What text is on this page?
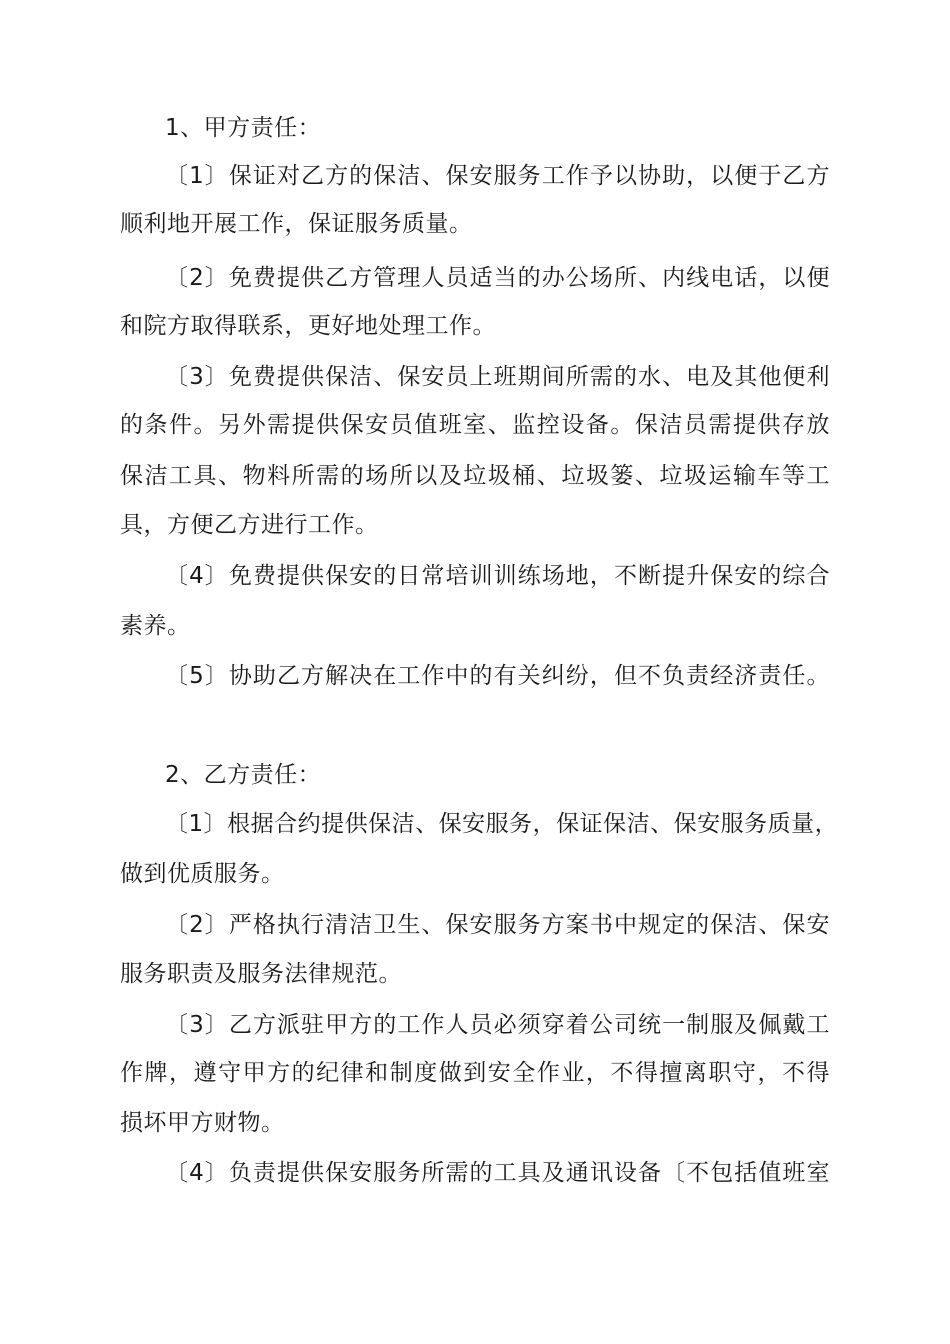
1、甲方责任：
〔1〕保证对乙方的保洁、保安服务工作予以协助，以便于乙方
顺利地开展工作，保证服务质量。
〔2〕免费提供乙方管理人员适当的办公场所、内线电话，以便
和院方取得联系，更好地处理工作。
〔3〕免费提供保洁、保安员上班期间所需的水、电及其他便利
的条件。另外需提供保安员值班室、监控设备。保洁员需提供存放
保洁工具、物料所需的场所以及垃圾桶、垃圾篓、垃圾运输车等工
具，方便乙方进行工作。
〔4〕免费提供保安的日常培训训练场地，不断提升保安的综合
素养。
〔5〕协助乙方解决在工作中的有关纠纷，但不负责经济责任。
2、乙方责任：
〔1〕根据合约提供保洁、保安服务，保证保洁、保安服务质量，
做到优质服务。
〔2〕严格执行清洁卫生、保安服务方案书中规定的保洁、保安
服务职责及服务法律规范。
〔3〕乙方派驻甲方的工作人员必须穿着公司统一制服及佩戴工
作牌，遵守甲方的纪律和制度做到安全作业，不得擅离职守，不得
损坏甲方财物。
〔4〕负责提供保安服务所需的工具及通讯设备〔不包括值班室
